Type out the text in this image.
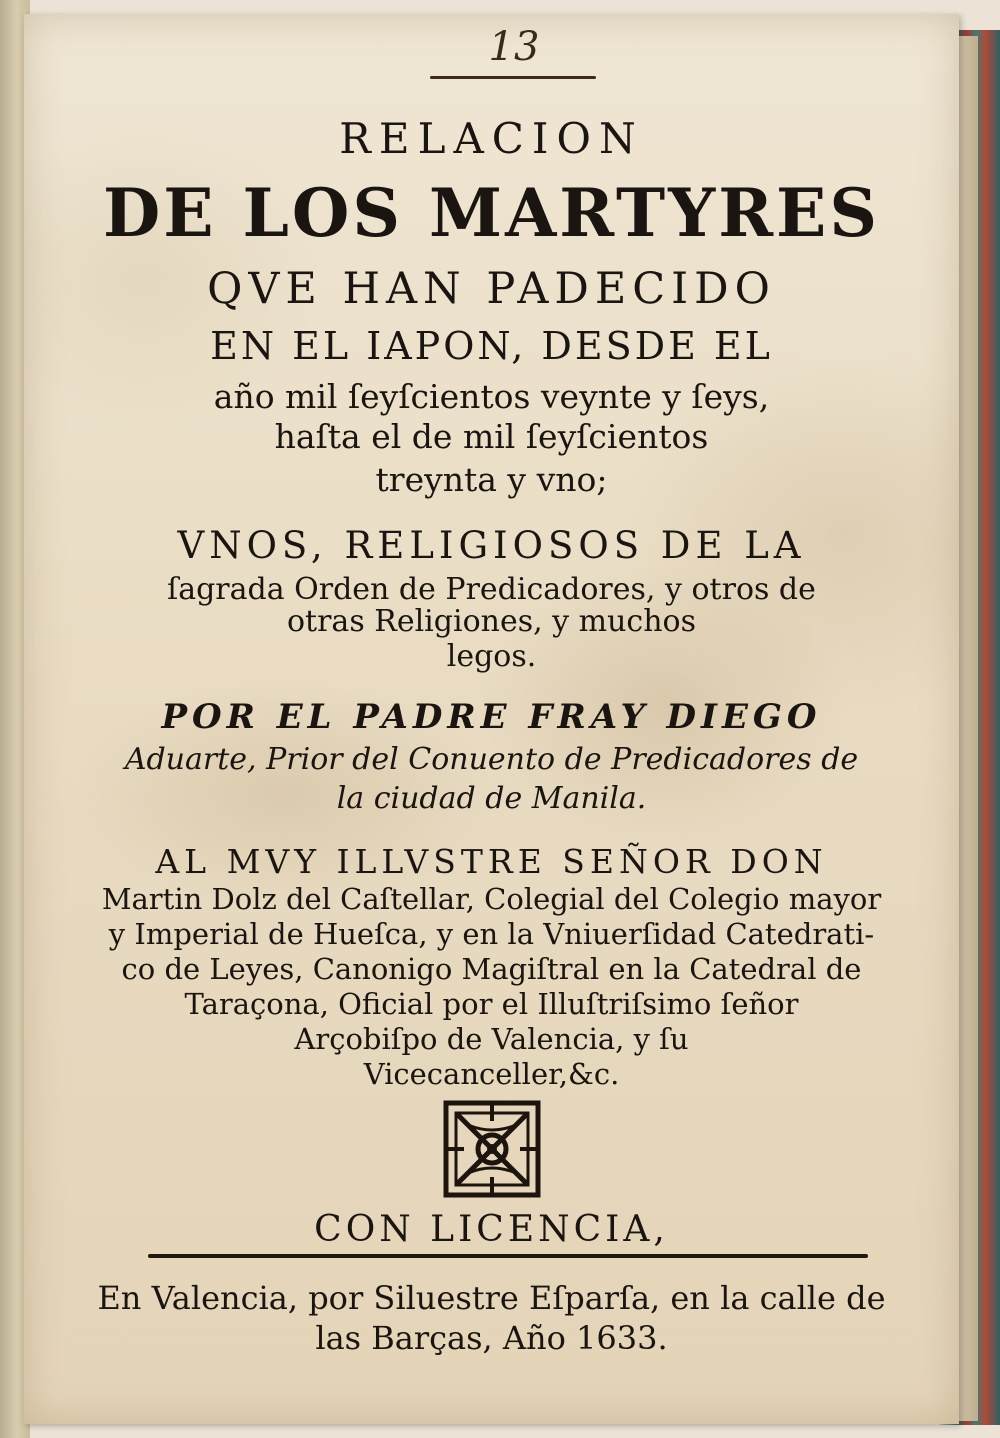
13
RELACION
DE LOS MARTYRES
QVE HAN PADECIDO
EN EL IAPON, DESDE EL
año mil ſeyſcientos veynte y ſeys,
haſta el de mil ſeyſcientos
treynta y vno;
VNOS, RELIGIOSOS DE LA
ſagrada Orden de Predicadores, y otros de
otras Religiones, y muchos
legos.
POR EL PADRE FRAY DIEGO
Aduarte, Prior del Conuento de Predicadores de
la ciudad de Manila.
AL MVY ILLVSTRE SEÑOR DON
Martin Dolz del Caſtellar, Colegial del Colegio mayor
y Imperial de Hueſca, y en la Vniuerſidad Catedrati-
co de Leyes, Canonigo Magiſtral en la Catedral de
Taraçona, Oficial por el Illuſtriſsimo ſeñor
Arçobiſpo de Valencia, y ſu
Vicecanceller,&c.
CON LICENCIA,
En Valencia, por Siluestre Eſparſa, en la calle de
las Barças, Año 1633.
